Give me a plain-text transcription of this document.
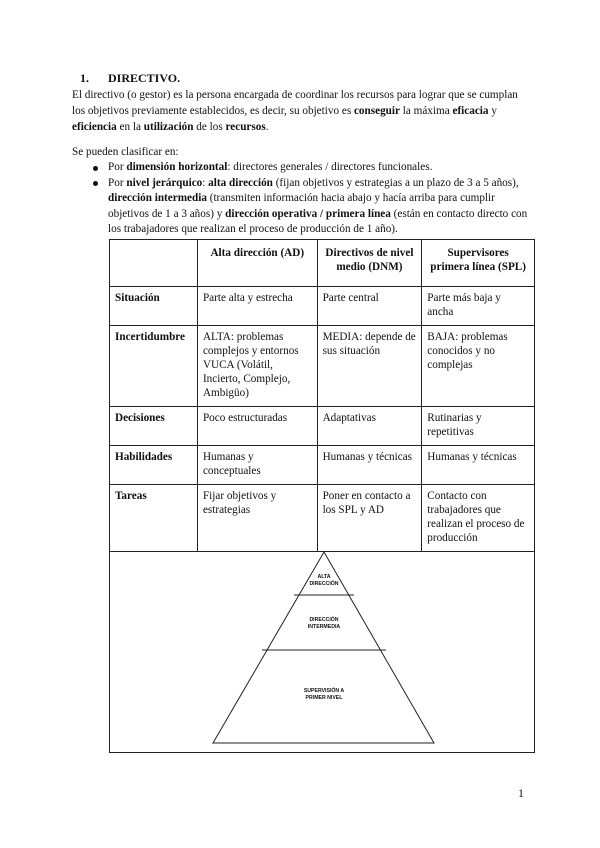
1. DIRECTIVO.

El directivo (o gestor) es la persona encargada de coordinar los recursos para lograr que se cumplan los objetivos previamente establecidos, es decir, su objetivo es conseguir la máxima eficacia y eficiencia en la utilización de los recursos.

Se pueden clasificar en:

Por dimensión horizontal: directores generales / directores funcionales.
Por nivel jerárquico: alta dirección (fijan objetivos y estrategias a un plazo de 3 a 5 años), dirección intermedia (transmiten información hacia abajo y hacía arriba para cumplir objetivos de 1 a 3 años) y dirección operativa / primera línea (están en contacto directo con los trabajadores que realizan el proceso de producción de 1 año).
	Alta dirección (AD)	Directivos de nivel medio (DNM)	Supervisores primera línea (SPL)
Situación	Parte alta y estrecha	Parte central	Parte más baja y ancha
Incertidumbre	ALTA: problemas complejos y entornos VUCA (Volátil, Incierto, Complejo, Ambigüo)	MEDIA: depende de sus situación	BAJA: problemas conocidos y no complejas
Decisiones	Poco estructuradas	Adaptativas	Rutinarias y repetitivas
Habilidades	Humanas y conceptuales	Humanas y técnicas	Humanas y técnicas
Tareas	Fijar objetivos y estrategias	Poner en contacto a los SPL y AD	Contacto con trabajadores que realizan el proceso de producción
ALTA DIRECCIÓN
DIRECCIÓN INTERMEDIA
SUPERVISIÓN A PRIMER NIVEL
1
